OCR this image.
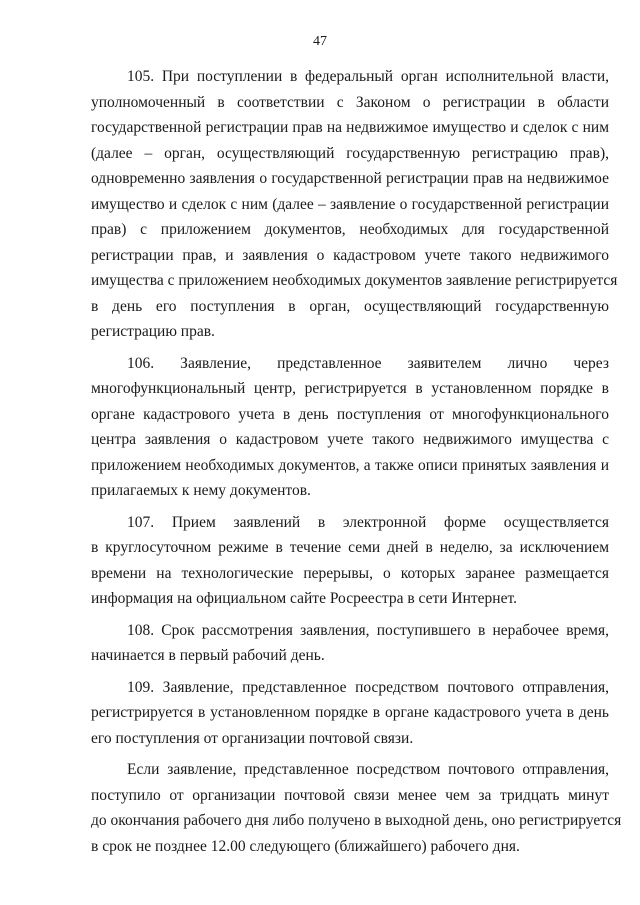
47

105. При поступлении в федеральный орган исполнительной власти,
уполномоченный в соответствии с Законом о регистрации в области
государственной регистрации прав на недвижимое имущество и сделок с ним
(далее – орган, осуществляющий государственную регистрацию прав),
одновременно заявления о государственной регистрации прав на недвижимое
имущество и сделок с ним (далее – заявление о государственной регистрации
прав) с приложением документов, необходимых для государственной
регистрации прав, и заявления о кадастровом учете такого недвижимого
имущества с приложением необходимых документов заявление регистрируется
в день его поступления в орган, осуществляющий государственную
регистрацию прав.

106. Заявление, представленное заявителем лично через
многофункциональный центр, регистрируется в установленном порядке в
органе кадастрового учета в день поступления от многофункционального
центра заявления о кадастровом учете такого недвижимого имущества с
приложением необходимых документов, а также описи принятых заявления и
прилагаемых к нему документов.

107. Прием заявлений в электронной форме осуществляется
в круглосуточном режиме в течение семи дней в неделю, за исключением
времени на технологические перерывы, о которых заранее размещается
информация на официальном сайте Росреестра в сети Интернет.

108. Срок рассмотрения заявления, поступившего в нерабочее время,
начинается в первый рабочий день.

109. Заявление, представленное посредством почтового отправления,
регистрируется в установленном порядке в органе кадастрового учета в день
его поступления от организации почтовой связи.

Если заявление, представленное посредством почтового отправления,
поступило от организации почтовой связи менее чем за тридцать минут
до окончания рабочего дня либо получено в выходной день, оно регистрируется
в срок не позднее 12.00 следующего (ближайшего) рабочего дня.
